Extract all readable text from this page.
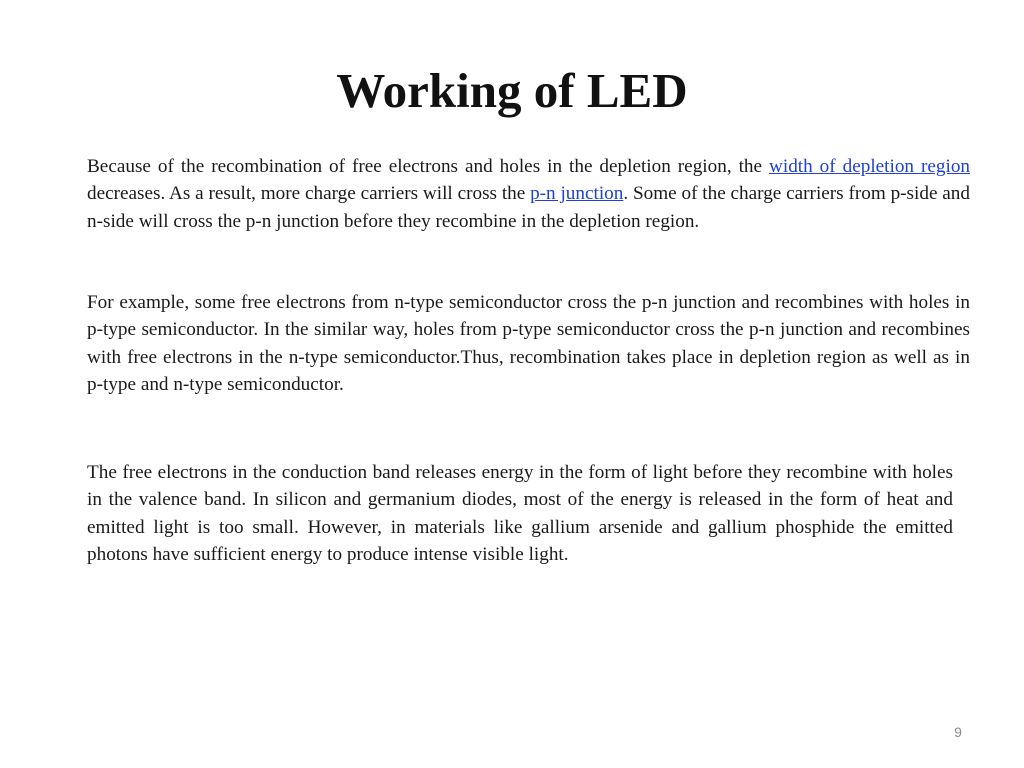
Working of LED

Because of the recombination of free electrons and holes in the depletion region, the width of depletion region decreases. As a result, more charge carriers will cross the p-n junction. Some of the charge carriers from p-side and n-side will cross the p-n junction before they recombine in the depletion region.

For example, some free electrons from n-type semiconductor cross the p-n junction and recombines with holes in p-type semiconductor. In the similar way, holes from p-type semiconductor cross the p-n junction and recombines with free electrons in the n-type semiconductor.Thus, recombination takes place in depletion region as well as in p-type and n-type semiconductor.

The free electrons in the conduction band releases energy in the form of light before they recombine with holes in the valence band. In silicon and germanium diodes, most of the energy is released in the form of heat and emitted light is too small. However, in materials like gallium arsenide and gallium phosphide the emitted photons have sufficient energy to produce intense visible light.

9
